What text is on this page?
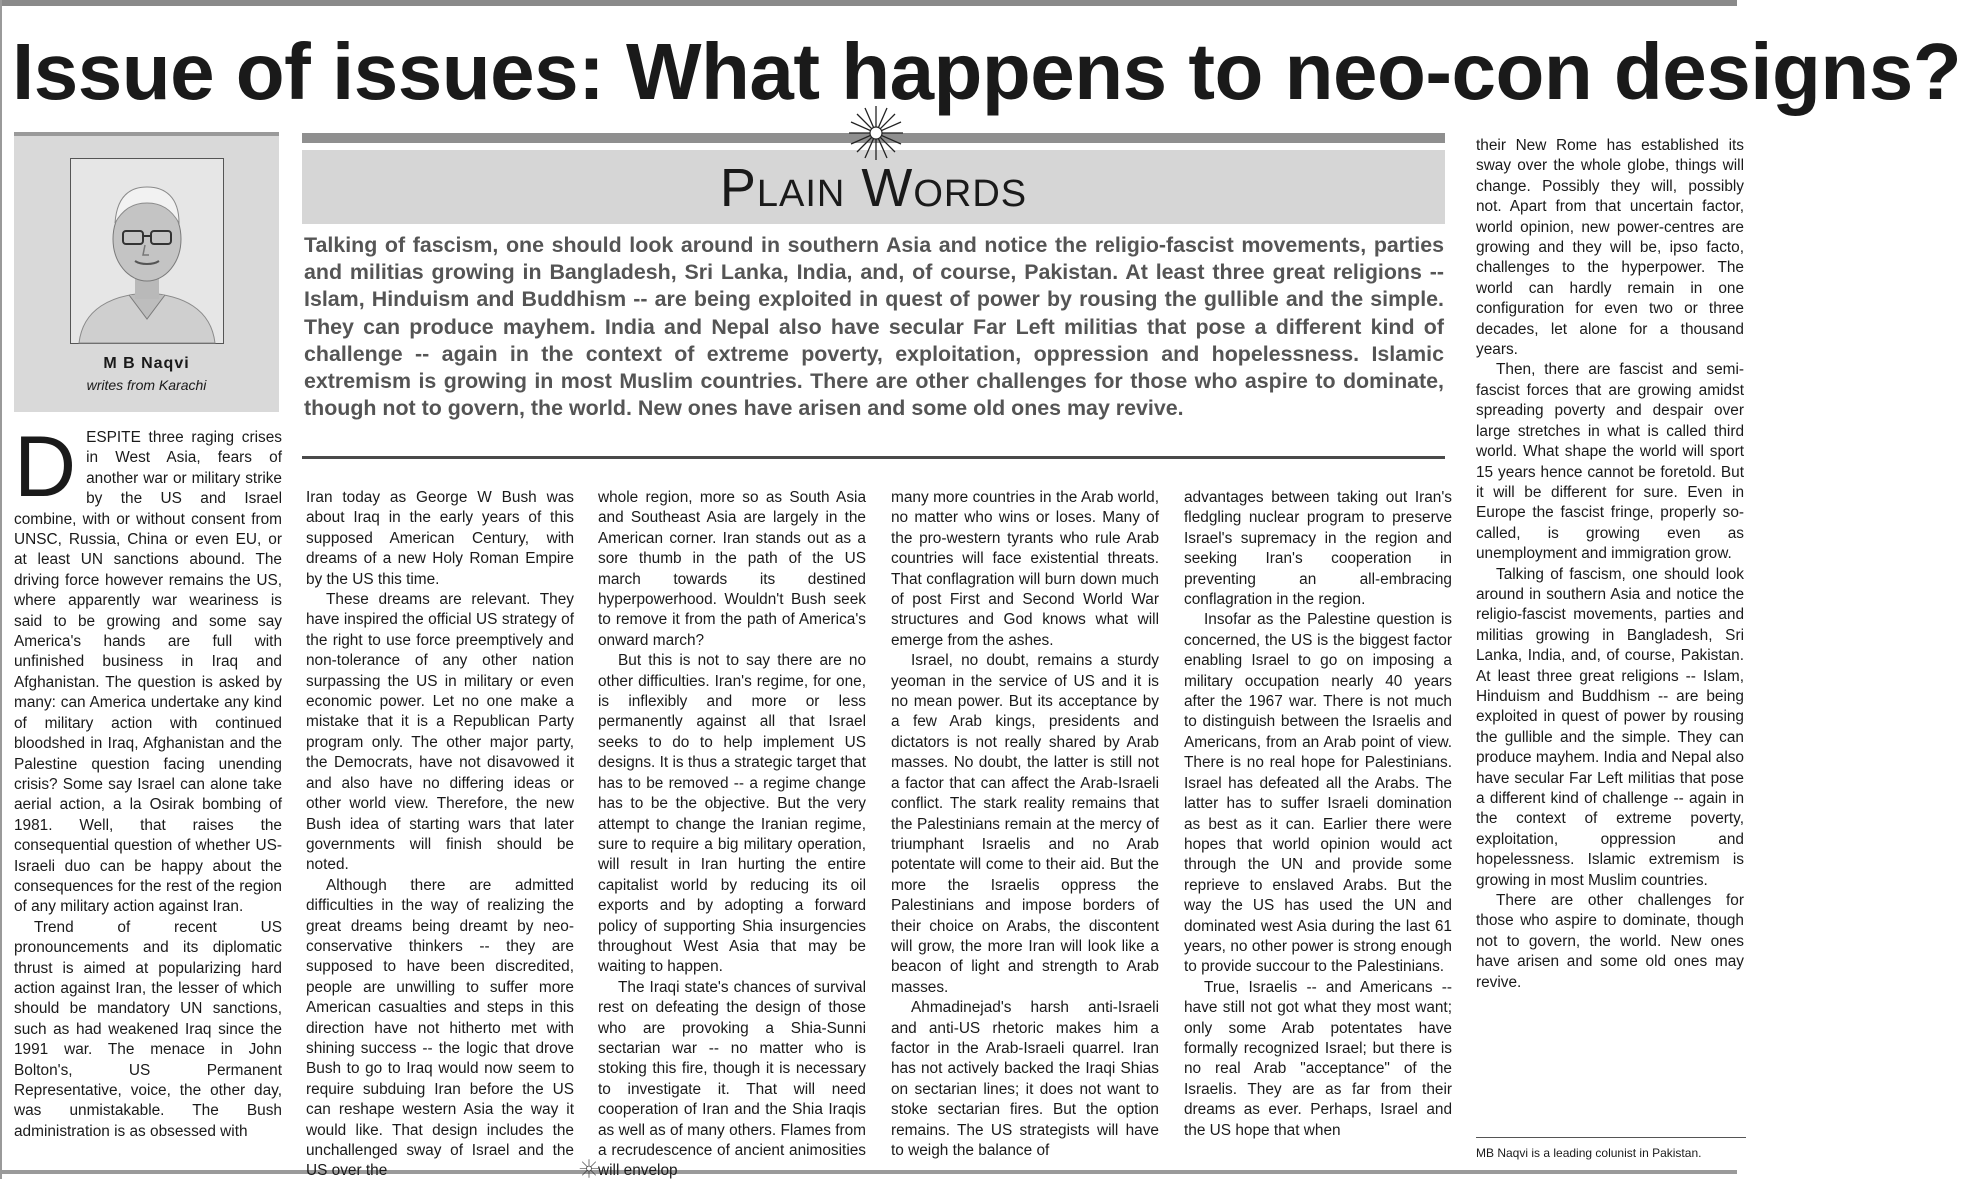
Issue of issues: What happens to neo-con designs?
M B Naqvi
writes from Karachi
Plain Words

Talking of fascism, one should look around in southern Asia and notice the religio-fascist movements, parties and militias growing in Bangladesh, Sri Lanka, India, and, of course, Pakistan. At least three great religions -- Islam, Hinduism and Buddhism -- are being exploited in quest of power by rousing the gullible and the simple. They can produce mayhem. India and Nepal also have secular Far Left militias that pose a different kind of challenge -- again in the context of extreme poverty, exploitation, oppression and hopelessness. Islamic extremism is growing in most Muslim countries. There are other challenges for those who aspire to dominate, though not to govern, the world. New ones have arisen and some old ones may revive.

D ESPITE three raging crises in West Asia, fears of another war or military strike by the US and Israel combine, with or without consent from UNSC, Russia, China or even EU, or at least UN sanctions abound. The driving force however remains the US, where apparently war weariness is said to be growing and some say America's hands are full with unfinished business in Iraq and Afghanistan. The question is asked by many: can America undertake any kind of military action with continued bloodshed in Iraq, Afghanistan and the Palestine question facing unending crisis? Some say Israel can alone take aerial action, a la Osirak bombing of 1981. Well, that raises the consequential question of whether US-Israeli duo can be happy about the consequences for the rest of the region of any military action against Iran.

Trend of recent US pronouncements and its diplomatic thrust is aimed at popularizing hard action against Iran, the lesser of which should be mandatory UN sanctions, such as had weakened Iraq since the 1991 war. The menace in John Bolton's, US Permanent Representative, voice, the other day, was unmistakable. The Bush administration is as obsessed with

Iran today as George W Bush was about Iraq in the early years of this supposed American Century, with dreams of a new Holy Roman Empire by the US this time.

These dreams are relevant. They have inspired the official US strategy of the right to use force preemptively and non-tolerance of any other nation surpassing the US in military or even economic power. Let no one make a mistake that it is a Republican Party program only. The other major party, the Democrats, have not disavowed it and also have no differing ideas or other world view. Therefore, the new Bush idea of starting wars that later governments will finish should be noted.

Although there are admitted difficulties in the way of realizing the great dreams being dreamt by neo-conservative thinkers -- they are supposed to have been discredited, people are unwilling to suffer more American casualties and steps in this direction have not hitherto met with shining success -- the logic that drove Bush to go to Iraq would now seem to require subduing Iran before the US can reshape western Asia the way it would like. That design includes the unchallenged sway of Israel and the US over the

whole region, more so as South Asia and Southeast Asia are largely in the American corner. Iran stands out as a sore thumb in the path of the US march towards its destined hyperpowerhood. Wouldn't Bush seek to remove it from the path of America's onward march?

But this is not to say there are no other difficulties. Iran's regime, for one, is inflexibly and more or less permanently against all that Israel seeks to do to help implement US designs. It is thus a strategic target that has to be removed -- a regime change has to be the objective. But the very attempt to change the Iranian regime, sure to require a big military operation, will result in Iran hurting the entire capitalist world by reducing its oil exports and by adopting a forward policy of supporting Shia insurgencies throughout West Asia that may be waiting to happen.

The Iraqi state's chances of survival rest on defeating the design of those who are provoking a Shia-Sunni sectarian war -- no matter who is stoking this fire, though it is necessary to investigate it. That will need cooperation of Iran and the Shia Iraqis as well as of many others. Flames from a recrudescence of ancient animosities will envelop

many more countries in the Arab world, no matter who wins or loses. Many of the pro-western tyrants who rule Arab countries will face existential threats. That conflagration will burn down much of post First and Second World War structures and God knows what will emerge from the ashes.

Israel, no doubt, remains a sturdy yeoman in the service of US and it is no mean power. But its acceptance by a few Arab kings, presidents and dictators is not really shared by Arab masses. No doubt, the latter is still not a factor that can affect the Arab-Israeli conflict. The stark reality remains that the Palestinians remain at the mercy of triumphant Israelis and no Arab potentate will come to their aid. But the more the Israelis oppress the Palestinians and impose borders of their choice on Arabs, the discontent will grow, the more Iran will look like a beacon of light and strength to Arab masses.

Ahmadinejad's harsh anti-Israeli and anti-US rhetoric makes him a factor in the Arab-Israeli quarrel. Iran has not actively backed the Iraqi Shias on sectarian lines; it does not want to stoke sectarian fires. But the option remains. The US strategists will have to weigh the balance of

advantages between taking out Iran's fledgling nuclear program to preserve Israel's supremacy in the region and seeking Iran's cooperation in preventing an all-embracing conflagration in the region.

Insofar as the Palestine question is concerned, the US is the biggest factor enabling Israel to go on imposing a military occupation nearly 40 years after the 1967 war. There is not much to distinguish between the Israelis and Americans, from an Arab point of view. There is no real hope for Palestinians. Israel has defeated all the Arabs. The latter has to suffer Israeli domination as best as it can. Earlier there were hopes that world opinion would act through the UN and provide some reprieve to enslaved Arabs. But the way the US has used the UN and dominated west Asia during the last 61 years, no other power is strong enough to provide succour to the Palestinians.

True, Israelis -- and Americans -- have still not got what they most want; only some Arab potentates have formally recognized Israel; but there is no real Arab "acceptance" of the Israelis. They are as far from their dreams as ever. Perhaps, Israel and the US hope that when

their New Rome has established its sway over the whole globe, things will change. Possibly they will, possibly not. Apart from that uncertain factor, world opinion, new power-centres are growing and they will be, ipso facto, challenges to the hyperpower. The world can hardly remain in one configuration for even two or three decades, let alone for a thousand years.

Then, there are fascist and semi-fascist forces that are growing amidst spreading poverty and despair over large stretches in what is called third world. What shape the world will sport 15 years hence cannot be foretold. But it will be different for sure. Even in Europe the fascist fringe, properly so-called, is growing even as unemployment and immigration grow.

Talking of fascism, one should look around in southern Asia and notice the religio-fascist movements, parties and militias growing in Bangladesh, Sri Lanka, India, and, of course, Pakistan. At least three great religions -- Islam, Hinduism and Buddhism -- are being exploited in quest of power by rousing the gullible and the simple. They can produce mayhem. India and Nepal also have secular Far Left militias that pose a different kind of challenge -- again in the context of extreme poverty, exploitation, oppression and hopelessness. Islamic extremism is growing in most Muslim countries.

There are other challenges for those who aspire to dominate, though not to govern, the world. New ones have arisen and some old ones may revive.

MB Naqvi is a leading colunist in Pakistan.
